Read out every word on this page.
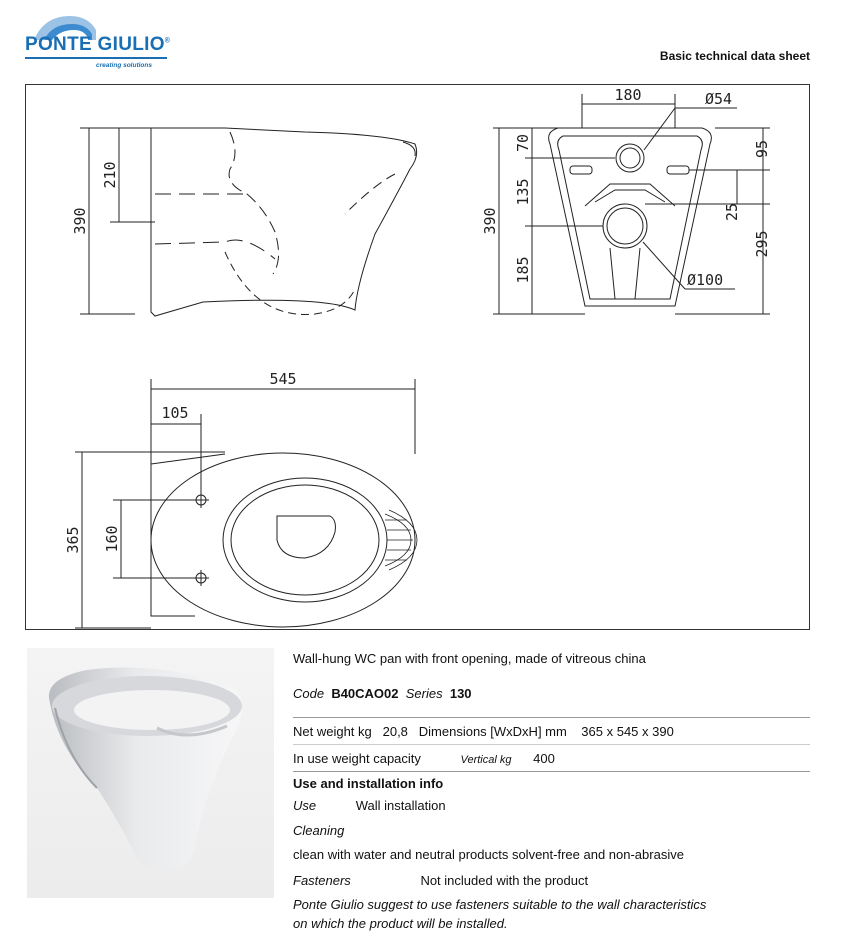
PONTE GIULIO®
creating solutions
Basic technical data sheet
390
210
180	Ø54
Ø100
390
70
135
185
95
25
295
545
105
365 160
Wall-hung WC pan with front opening, made of vitreous china
Code B40CAO02 Series 130
Net weight kg 20,8 Dimensions [WxDxH] mm 365 x 545 x 390
In use weight capacity	Vertical kg 400
Use and installation info
Use	Wall installation
Cleaning
clean with water and neutral products solvent-free and non-abrasive
Fasteners	Not included with the product
Ponte Giulio suggest to use fasteners suitable to the wall characteristics
on which the product will be installed.
